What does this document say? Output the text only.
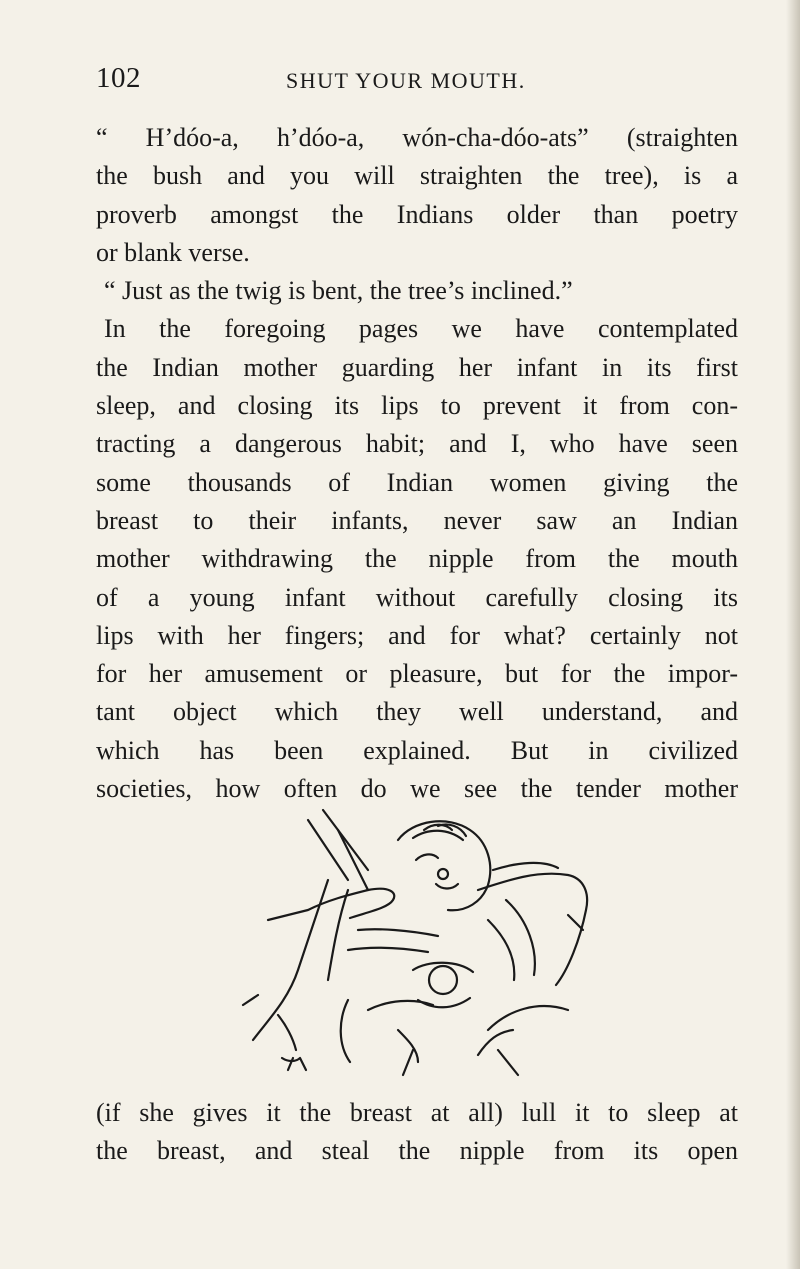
102	SHUT YOUR MOUTH.
“ H’dóo-a, h’dóo-a, wón-cha-dóo-ats” (straighten
the bush and you will straighten the tree), is a
proverb amongst the Indians older than poetry
or blank verse.
“ Just as the twig is bent, the tree’s inclined.”
In the foregoing pages we have contemplated
the Indian mother guarding her infant in its first
sleep, and closing its lips to prevent it from con-
tracting a dangerous habit; and I, who have seen
some thousands of Indian women giving the
breast to their infants, never saw an Indian
mother withdrawing the nipple from the mouth
of a young infant without carefully closing its
lips with her fingers; and for what? certainly not
for her amusement or pleasure, but for the impor-
tant object which they well understand, and
which has been explained. But in civilized
societies, how often do we see the tender mother
(if she gives it the breast at all) lull it to sleep at
the breast, and steal the nipple from its open
